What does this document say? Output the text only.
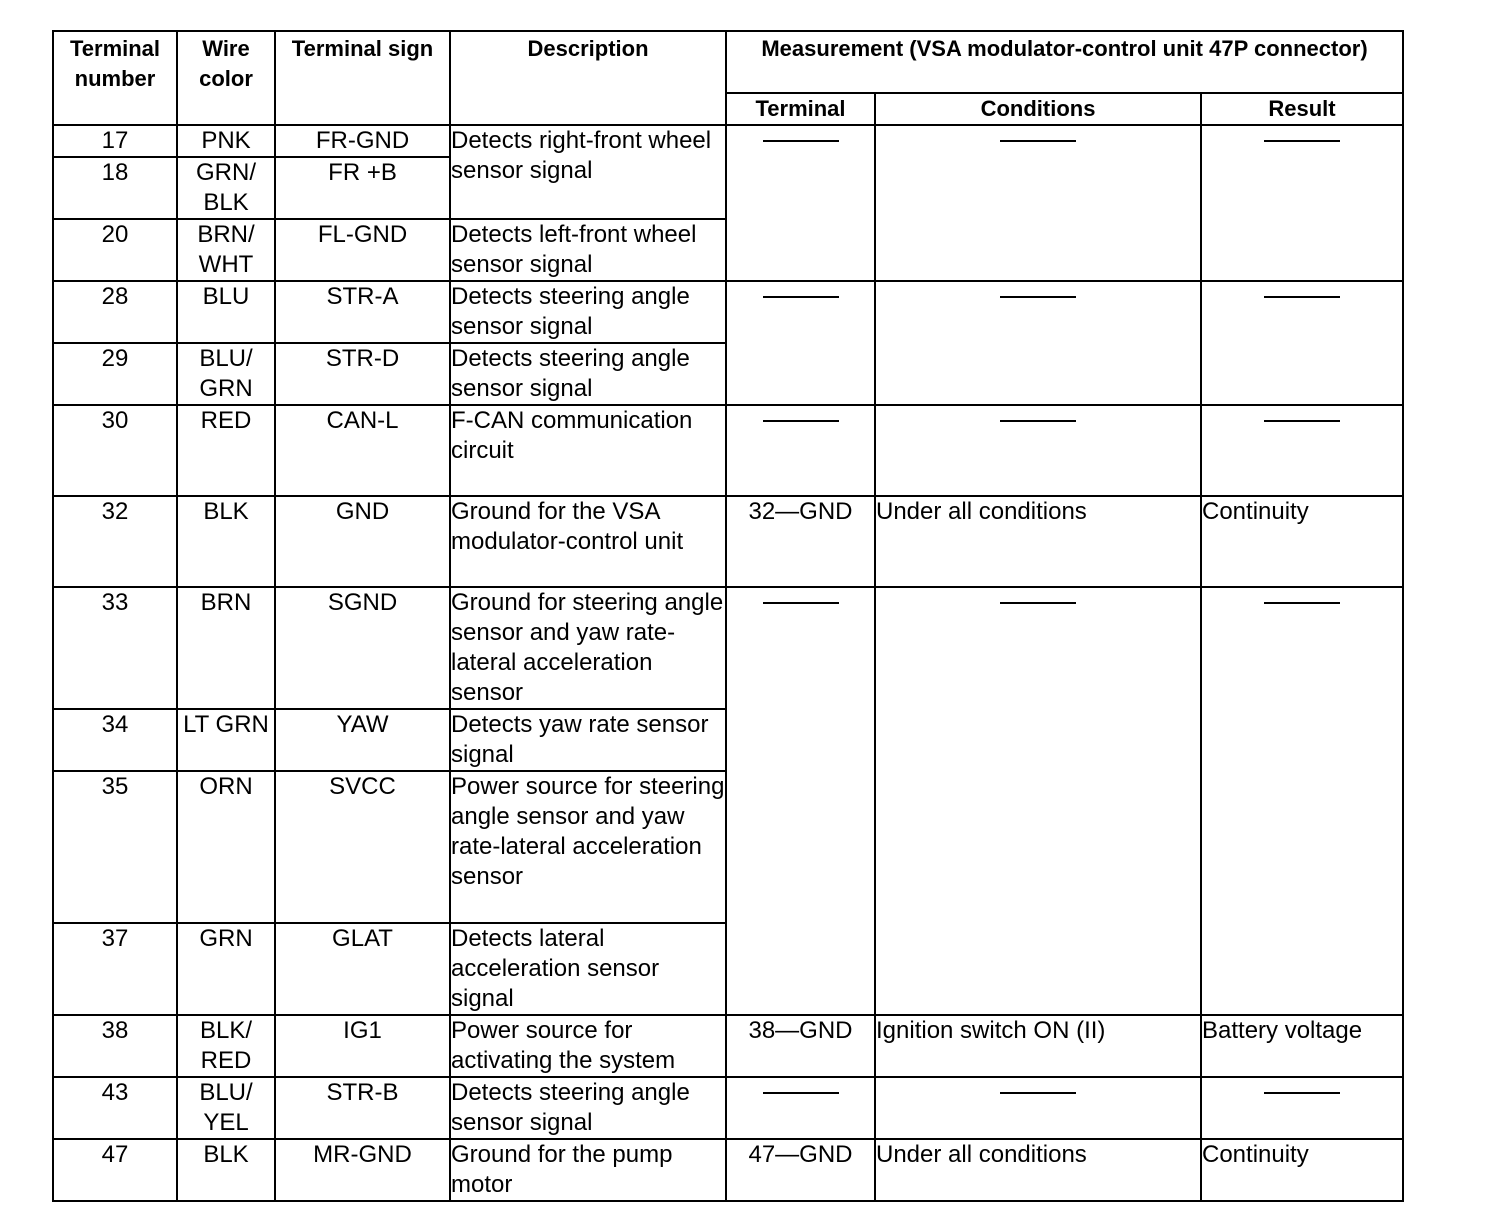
Terminal number	Wire color	Terminal sign	Description	Measurement (VSA modulator-control unit 47P connector)		

				Terminal	Conditions	Result
17	PNK	FR-GND	Detects right-front wheel sensor signal	

18	GRN/ BLK	FR +B				
20	BRN/ WHT	FL-GND	Detects left-front wheel sensor signal			
28	BLU	STR-A	Detects steering angle sensor signal	

29	BLU/ GRN	STR-D	Detects steering angle sensor signal			
30	RED	CAN-L	F-CAN communication circuit	

32	BLK	GND	Ground for the VSA modulator-control unit	32—GND	Under all conditions	Continuity
33	BRN	SGND	Ground for steering angle sensor and yaw rate-lateral acceleration sensor	

34	LT GRN	YAW	Detects yaw rate sensor signal			
35	ORN	SVCC	Power source for steering angle sensor and yaw rate-lateral acceleration sensor			
37	GRN	GLAT	Detects lateral acceleration sensor signal			
38	BLK/ RED	IG1	Power source for activating the system	38—GND	Ignition switch ON (II)	Battery voltage
43	BLU/ YEL	STR-B	Detects steering angle sensor signal	

47	BLK	MR-GND	Ground for the pump motor	47—GND	Under all conditions	Continuity
